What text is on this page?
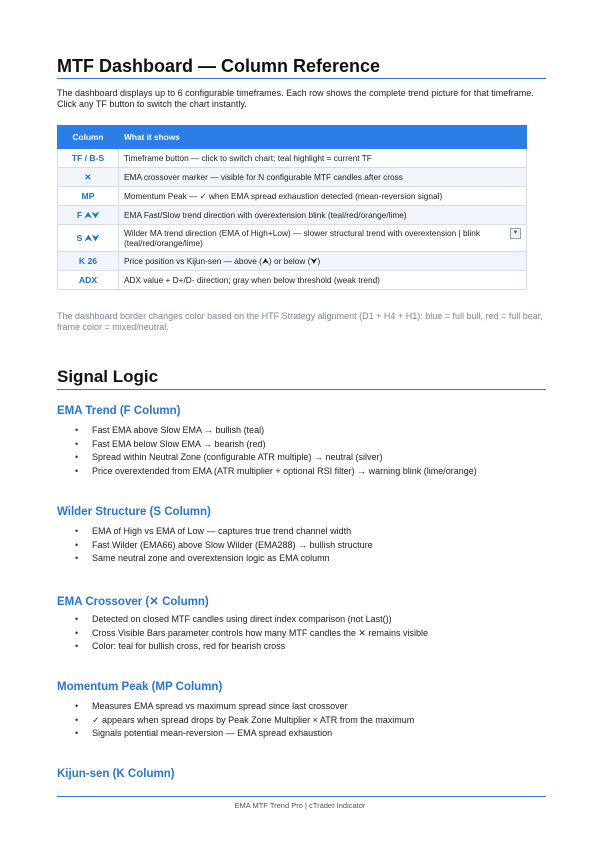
MTF Dashboard — Column Reference

The dashboard displays up to 6 configurable timeframes. Each row shows the complete trend picture for that timeframe. Click any TF button to switch the chart instantly.

Column	What it shows
TF / B-S	Timeframe button — click to switch chart; teal highlight = current TF
✕	EMA crossover marker — visible for N configurable MTF candles after cross
MP	Momentum Peak — ✓ when EMA spread exhaustion detected (mean-reversion signal)
F ⮝⮟	EMA Fast/Slow trend direction with overextension blink (teal/red/orange/lime)
S ⮝⮟	Wilder MA trend direction (EMA of High+Low) — slower structural trend with overextension | blink (teal/red/orange/lime)
▼

K 26	Price position vs Kijun-sen — above (⮝) or below (⮟)
ADX	ADX value + D+/D- direction; gray when below threshold (weak trend)

The dashboard border changes color based on the HTF Strategy alignment (D1 + H4 + H1): blue = full bull, red = full bear, frame color = mixed/neutral.

Signal Logic
EMA Trend (F Column)
• Fast EMA above Slow EMA → bullish (teal)
• Fast EMA below Slow EMA → bearish (red)
• Spread within Neutral Zone (configurable ATR multiple) → neutral (silver)
• Price overextended from EMA (ATR multiplier + optional RSI filter) → warning blink (lime/orange)
Wilder Structure (S Column)
• EMA of High vs EMA of Low — captures true trend channel width
• Fast Wilder (EMA66) above Slow Wilder (EMA288) → bullish structure
• Same neutral zone and overextension logic as EMA column
EMA Crossover (✕ Column)
• Detected on closed MTF candles using direct index comparison (not Last())
• Cross Visible Bars parameter controls how many MTF candles the ✕ remains visible
• Color: teal for bullish cross, red for bearish cross
Momentum Peak (MP Column)
• Measures EMA spread vs maximum spread since last crossover
• ✓ appears when spread drops by Peak Zone Multiplier × ATR from the maximum
• Signals potential mean-reversion — EMA spread exhaustion
Kijun-sen (K Column)

EMA MTF Trend Pro | cTrader Indicator
